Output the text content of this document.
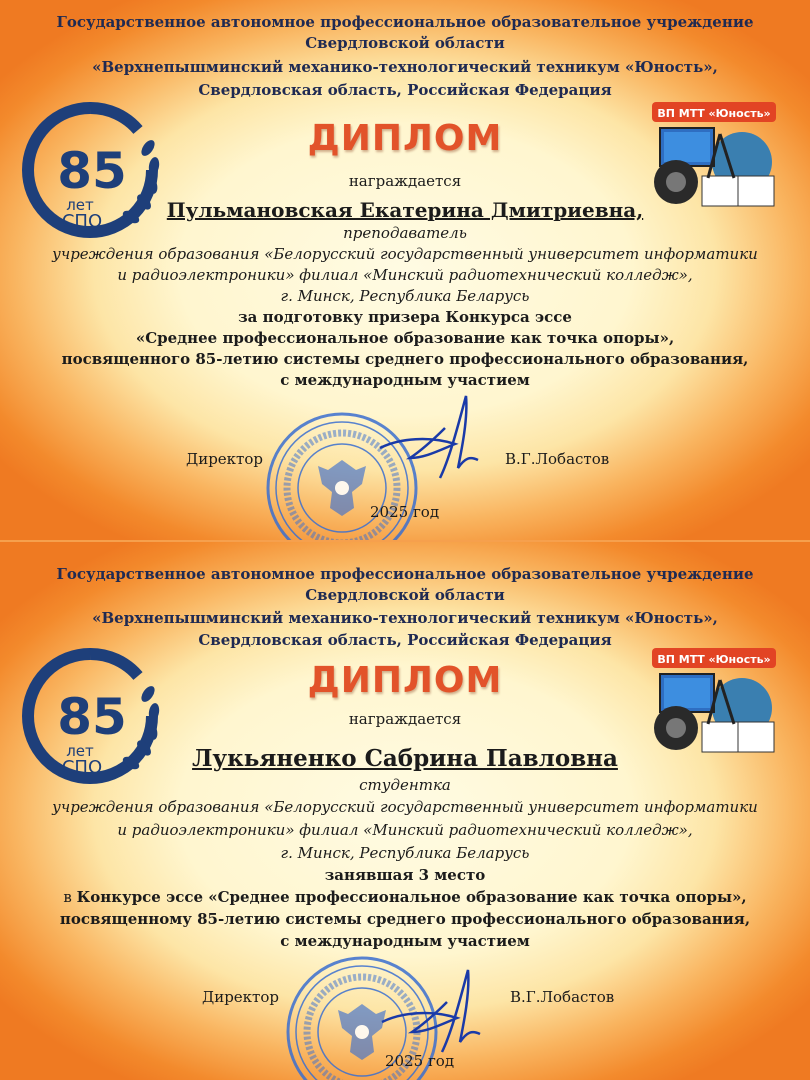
Государственное автономное профессиональное образовательное учреждение
Свердловской области
«Верхнепышминский механико-технологический техникум «Юность»,
Свердловская область, Российская Федерация
85
лет
СПО
ВП МТТ «Юность»
ДИПЛОМ
награждается
Пульмановская Екатерина Дмитриевна,
преподаватель
учреждения образования «Белорусский государственный университет информатики
и радиоэлектроники» филиал «Минский радиотехнический колледж»,
г. Минск, Республика Беларусь
за подготовку призера Конкурса эссе
«Среднее профессиональное образование как точка опоры»,
посвященного 85-летию системы среднего профессионального образования,
с международным участием
Директор	В.Г.Лобастов
2025 год
Государственное автономное профессиональное образовательное учреждение
Свердловской области
«Верхнепышминский механико-технологический техникум «Юность»,
Свердловская область, Российская Федерация
85
лет
СПО
ВП МТТ «Юность»
ДИПЛОМ
награждается
Лукьяненко Сабрина Павловна
студентка
учреждения образования «Белорусский государственный университет информатики
и радиоэлектроники» филиал «Минский радиотехнический колледж»,
г. Минск, Республика Беларусь
занявшая 3 место
в Конкурсе эссе «Среднее профессиональное образование как точка опоры»,
посвященному 85-летию системы среднего профессионального образования,
с международным участием
Директор	В.Г.Лобастов
2025 год
